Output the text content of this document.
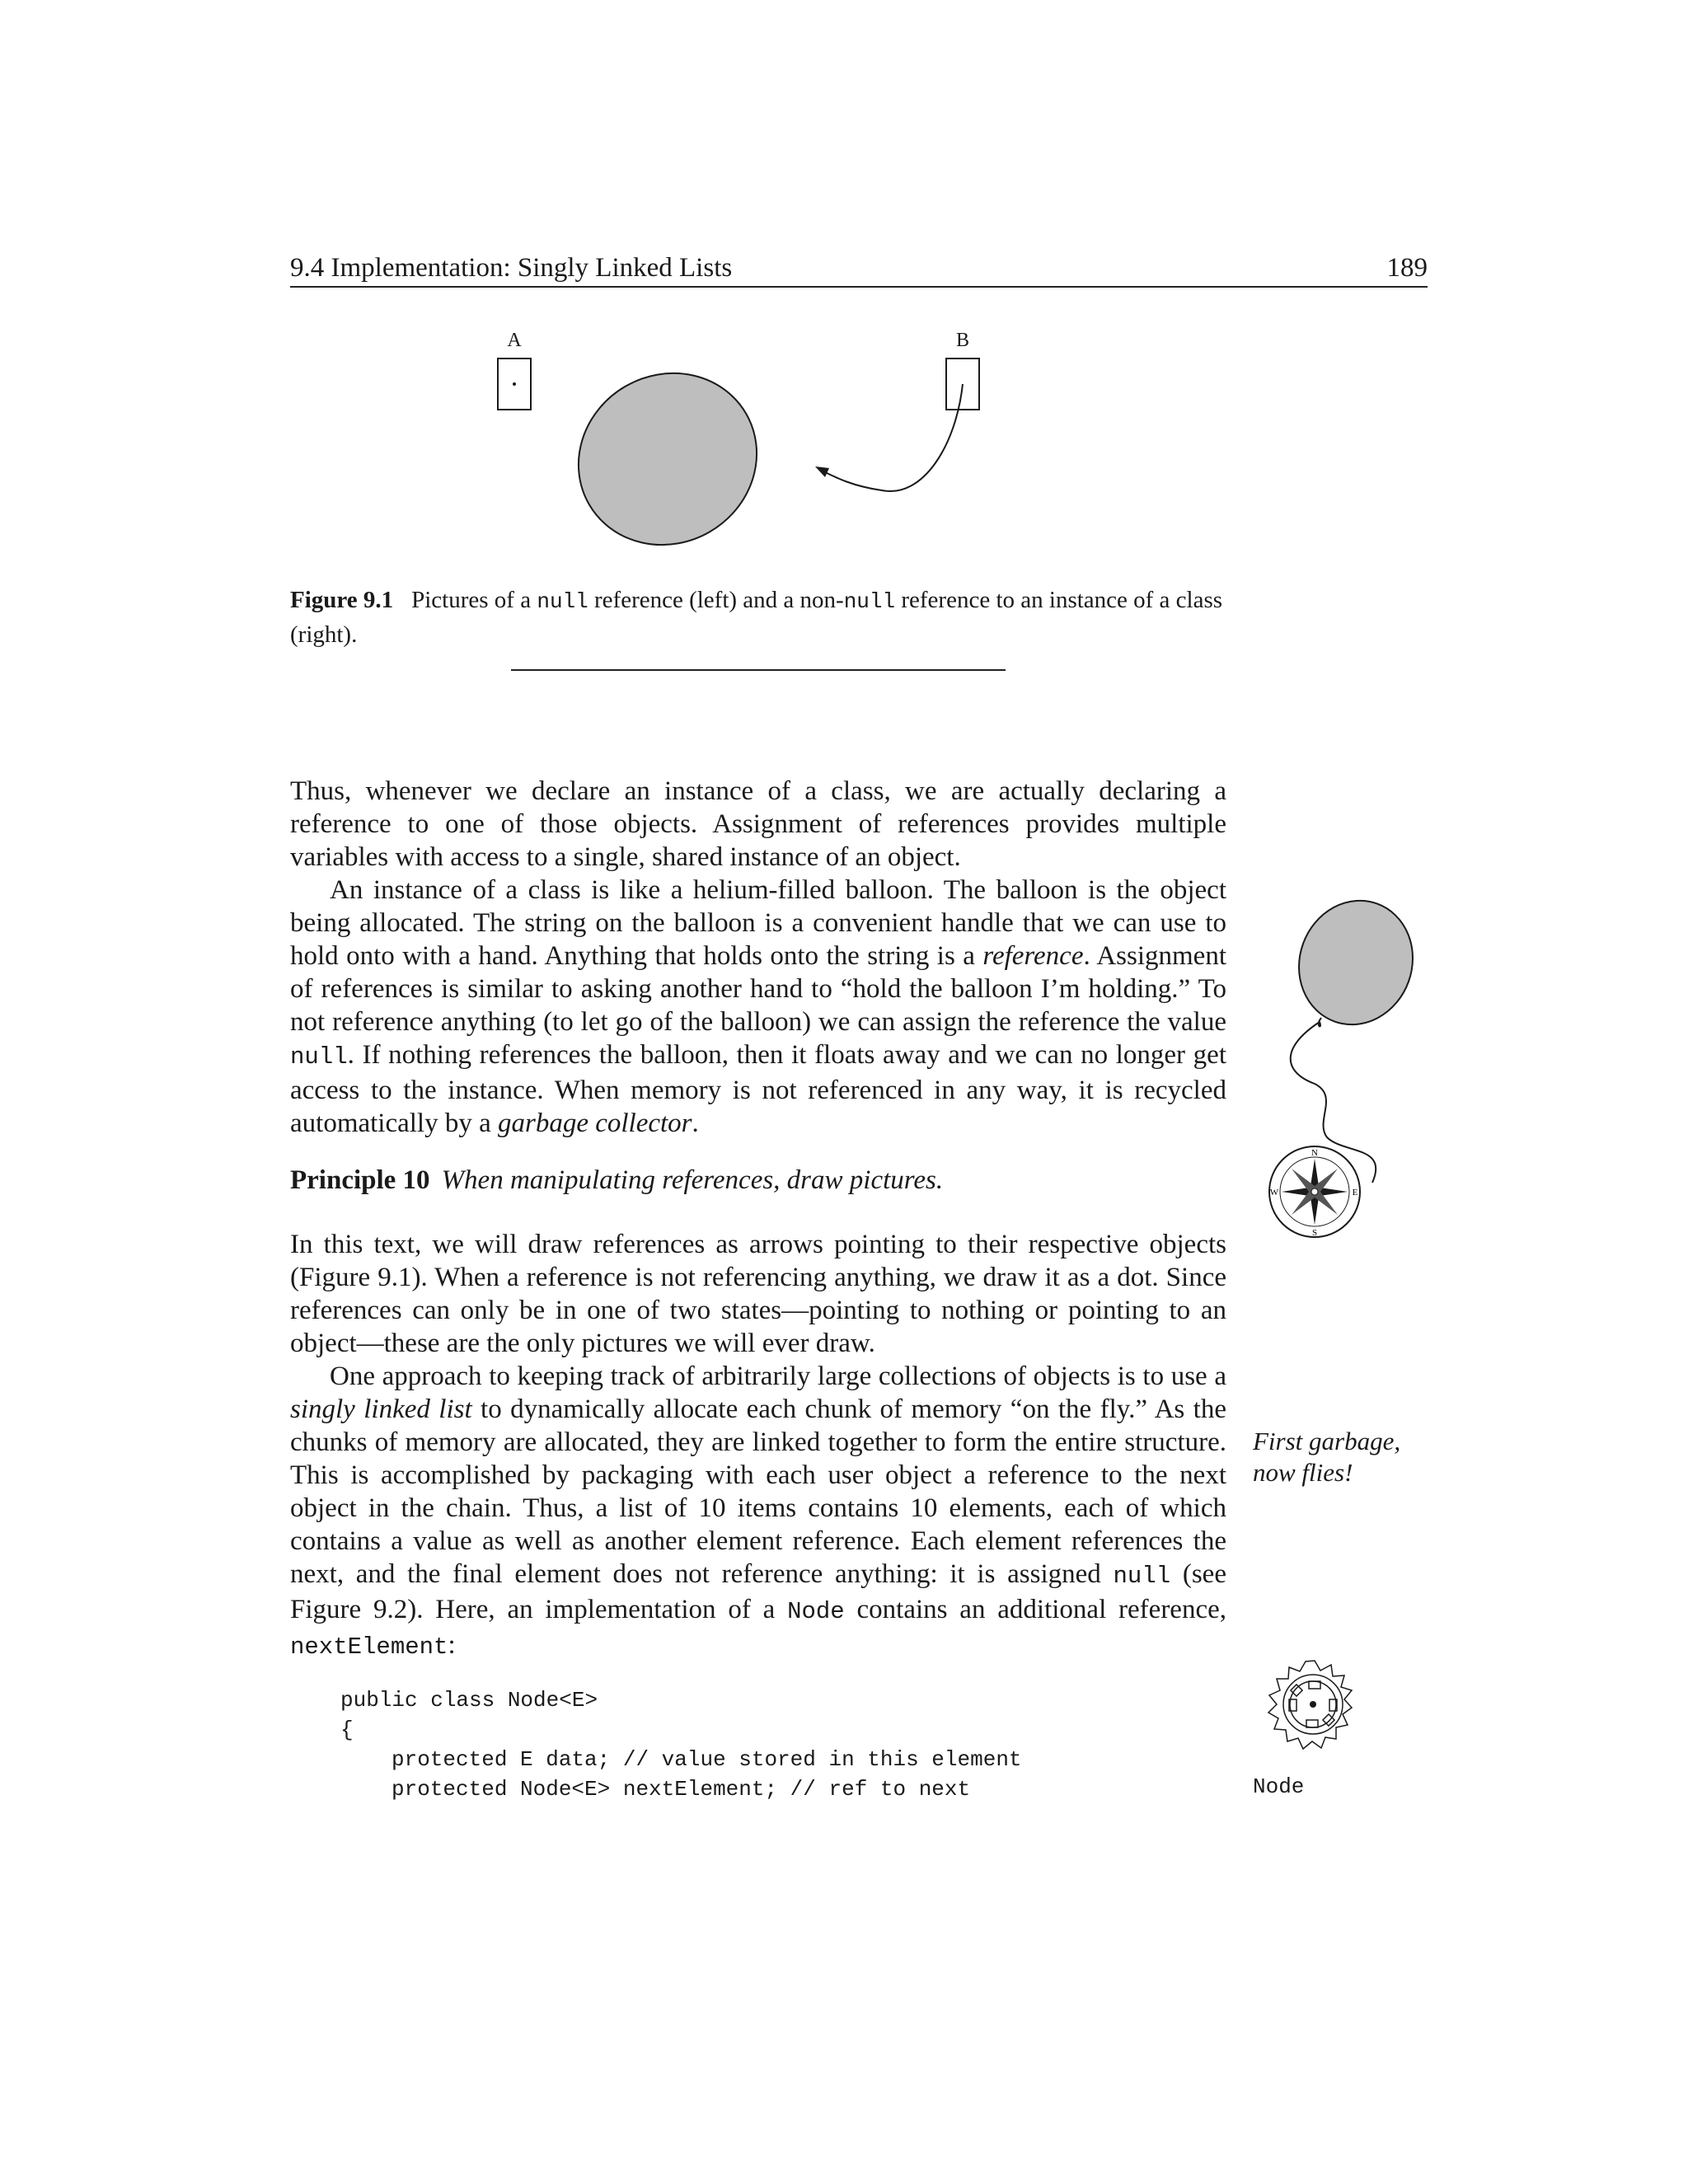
9.4 Implementation: Singly Linked Lists	189
A	B
Figure 9.1 Pictures of a null reference (left) and a non-null reference to an instance of a class (right).
Thus, whenever we declare an instance of a class, we are actually declaring a reference to one of those objects. Assignment of references provides multiple variables with access to a single, shared instance of an object.
An instance of a class is like a helium-filled balloon. The balloon is the object being allocated. The string on the balloon is a convenient handle that we can use to hold onto with a hand. Anything that holds onto the string is a reference. Assignment of references is similar to asking another hand to “hold the balloon I’m holding.” To not reference anything (to let go of the balloon) we can assign the reference the value null. If nothing references the balloon, then it floats away and we can no longer get access to the instance. When memory is not referenced in any way, it is recycled automatically by a garbage collector.
Principle 10 When manipulating references, draw pictures.
In this text, we will draw references as arrows pointing to their respective objects (Figure 9.1). When a reference is not referencing anything, we draw it as a dot. Since references can only be in one of two states—pointing to nothing or pointing to an object—these are the only pictures we will ever draw.
One approach to keeping track of arbitrarily large collections of objects is to use a singly linked list to dynamically allocate each chunk of memory “on the fly.” As the chunks of memory are allocated, they are linked together to form the entire structure. This is accomplished by packaging with each user object a reference to the next object in the chain. Thus, a list of 10 items contains 10 elements, each of which contains a value as well as another element reference. Each element references the next, and the final element does not reference anything: it is assigned null (see Figure 9.2). Here, an implementation of a Node contains an additional reference, nextElement:
public class Node<E>
{
protected E data; // value stored in this element
protected Node<E> nextElement; // ref to next
N
E
S
W
First garbage, now flies!
Node
